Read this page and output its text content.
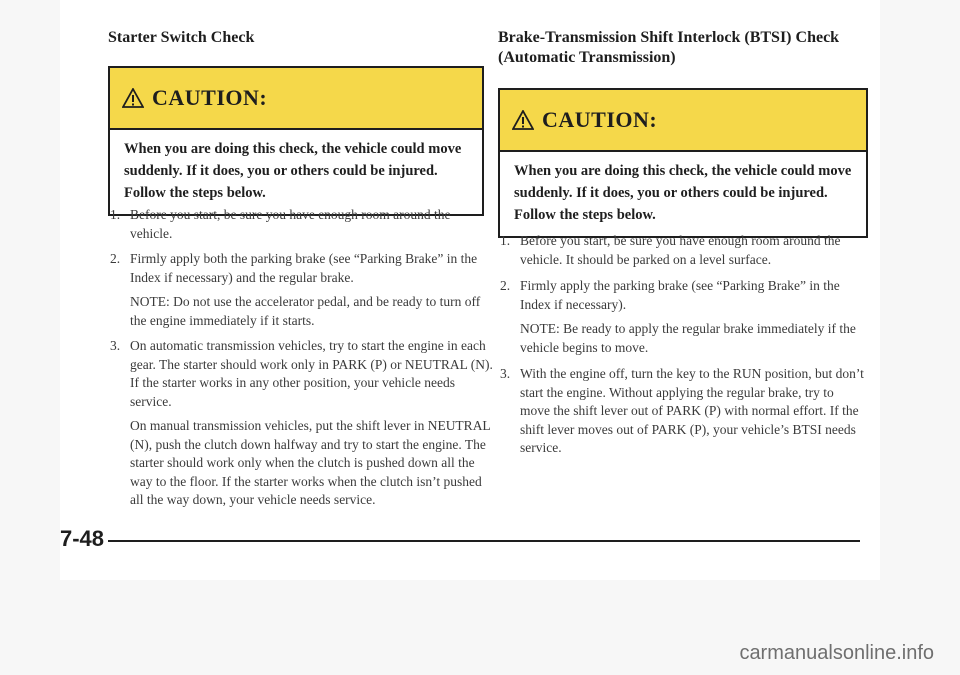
Starter Switch Check
CAUTION:
When you are doing this check, the vehicle could move suddenly. If it does, you or others could be injured. Follow the steps below.
1. Before you start, be sure you have enough room around the vehicle.

2. Firmly apply both the parking brake (see “Parking Brake” in the Index if necessary) and the regular brake.

NOTE: Do not use the accelerator pedal, and be ready to turn off the engine immediately if it starts.

3. On automatic transmission vehicles, try to start the engine in each gear. The starter should work only in PARK (P) or NEUTRAL (N). If the starter works in any other position, your vehicle needs service.

On manual transmission vehicles, put the shift lever in NEUTRAL (N), push the clutch down halfway and try to start the engine. The starter should work only when the clutch is pushed down all the way to the floor. If the starter works when the clutch isn’t pushed all the way down, your vehicle needs service.

Brake-Transmission Shift Interlock (BTSI) Check
(Automatic Transmission)
CAUTION:
When you are doing this check, the vehicle could move suddenly. If it does, you or others could be injured. Follow the steps below.
1. Before you start, be sure you have enough room around the vehicle. It should be parked on a level surface.

2. Firmly apply the parking brake (see “Parking Brake” in the Index if necessary).

NOTE: Be ready to apply the regular brake immediately if the vehicle begins to move.

3. With the engine off, turn the key to the RUN position, but don’t start the engine. Without applying the regular brake, try to move the shift lever out of PARK (P) with normal effort. If the shift lever moves out of PARK (P), your vehicle’s BTSI needs service.

7-48
carmanualsonline.info
